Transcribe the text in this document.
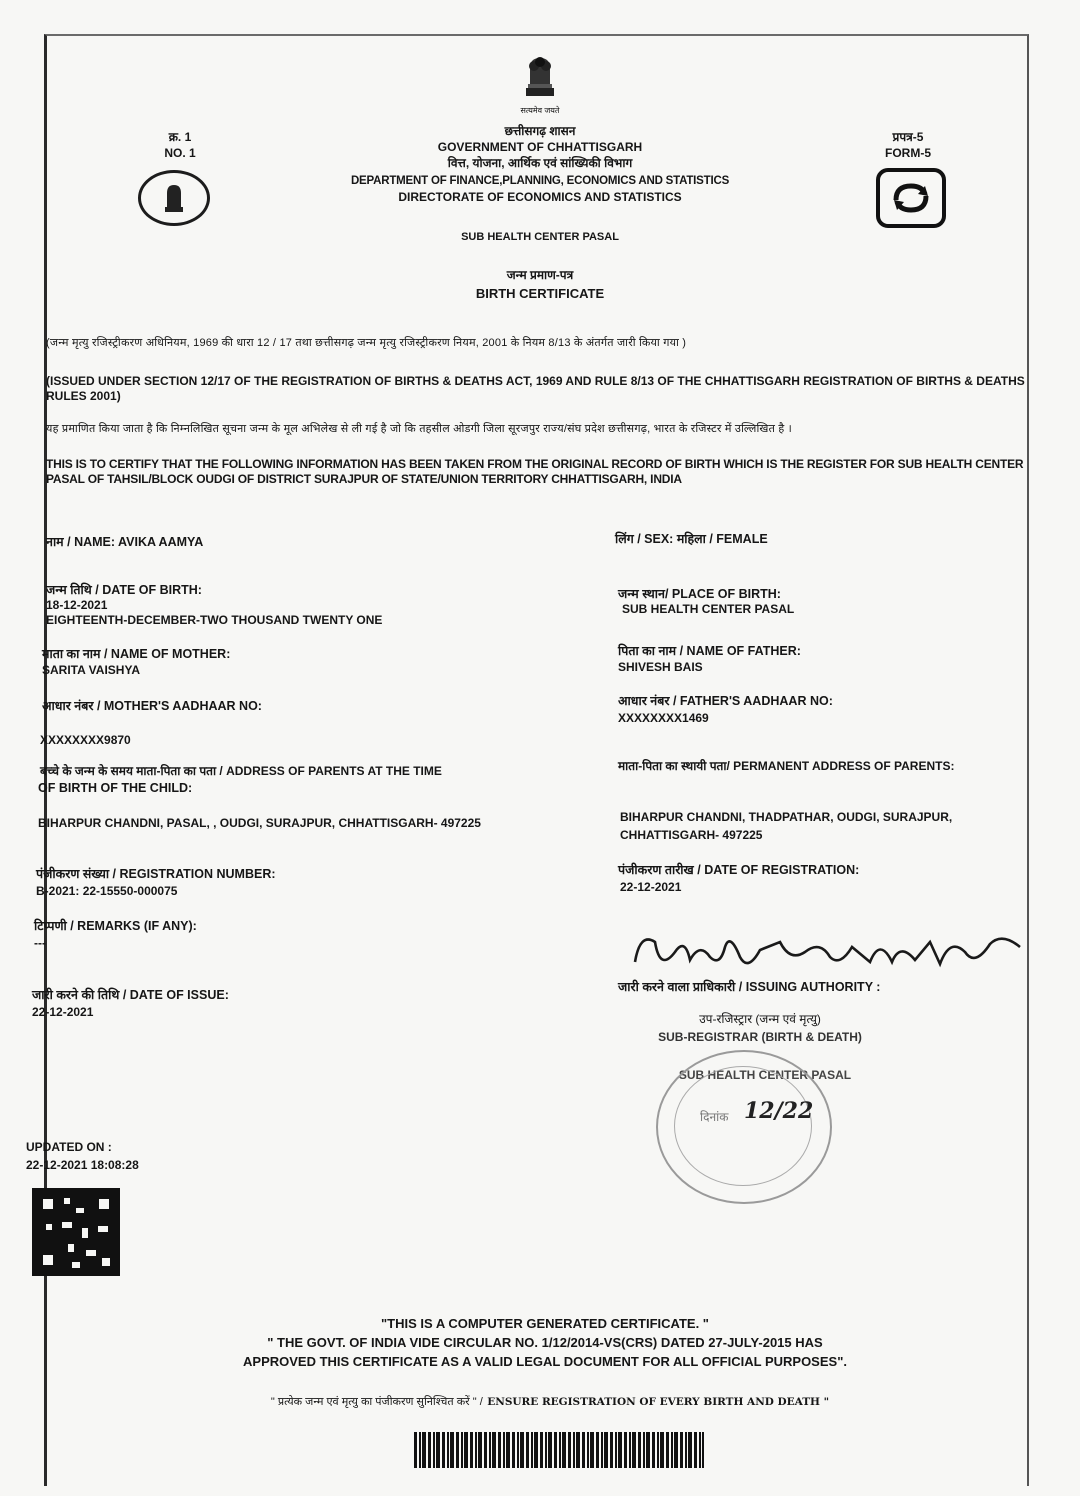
सत्यमेव जयते
क्र. 1
NO. 1
प्रपत्र-5
FORM-5
छत्तीसगढ़ शासन
GOVERNMENT OF CHHATTISGARH
वित्त, योजना, आर्थिक एवं सांख्यिकी विभाग
DEPARTMENT OF FINANCE,PLANNING, ECONOMICS AND STATISTICS
DIRECTORATE OF ECONOMICS AND STATISTICS
SUB HEALTH CENTER PASAL
जन्म प्रमाण-पत्र
BIRTH CERTIFICATE
(जन्म मृत्यु रजिस्ट्रीकरण अधिनियम, 1969 की धारा 12 / 17 तथा छत्तीसगढ़ जन्म मृत्यु रजिस्ट्रीकरण नियम, 2001 के नियम 8/13 के अंतर्गत जारी किया गया )
(ISSUED UNDER SECTION 12/17 OF THE REGISTRATION OF BIRTHS & DEATHS ACT, 1969 AND RULE 8/13 OF THE CHHATTISGARH REGISTRATION OF BIRTHS & DEATHS RULES 2001)
यह प्रमाणित किया जाता है कि निम्नलिखित सूचना जन्म के मूल अभिलेख से ली गई है जो कि तहसील ओडगी जिला सूरजपुर राज्य/संघ प्रदेश छत्तीसगढ़, भारत के रजिस्टर में उल्लिखित है ।
THIS IS TO CERTIFY THAT THE FOLLOWING INFORMATION HAS BEEN TAKEN FROM THE ORIGINAL RECORD OF BIRTH WHICH IS THE REGISTER FOR SUB HEALTH CENTER PASAL OF TAHSIL/BLOCK OUDGI OF DISTRICT SURAJPUR OF STATE/UNION TERRITORY CHHATTISGARH, INDIA
नाम / NAME: AVIKA AAMYA
जन्म तिथि / DATE OF BIRTH:
18-12-2021
EIGHTEENTH-DECEMBER-TWO THOUSAND TWENTY ONE
माता का नाम / NAME OF MOTHER:
SARITA VAISHYA
आधार नंबर / MOTHER'S AADHAAR NO:
XXXXXXXX9870
बच्चे के जन्म के समय माता-पिता का पता / ADDRESS OF PARENTS AT THE TIME
OF BIRTH OF THE CHILD:
BIHARPUR CHANDNI, PASAL, , OUDGI, SURAJPUR, CHHATTISGARH- 497225
पंजीकरण संख्या / REGISTRATION NUMBER:
B-2021: 22-15550-000075
टिप्पणी / REMARKS (IF ANY):
---
जारी करने की तिथि / DATE OF ISSUE:
22-12-2021
लिंग / SEX: महिला / FEMALE
जन्म स्थान/ PLACE OF BIRTH:
SUB HEALTH CENTER PASAL
पिता का नाम / NAME OF FATHER:
SHIVESH BAIS
आधार नंबर / FATHER'S AADHAAR NO:
XXXXXXXX1469
माता-पिता का स्थायी पता/ PERMANENT ADDRESS OF PARENTS:
BIHARPUR CHANDNI, THADPATHAR, OUDGI, SURAJPUR,
CHHATTISGARH- 497225
पंजीकरण तारीख / DATE OF REGISTRATION:
22-12-2021
जारी करने वाला प्राधिकारी / ISSUING AUTHORITY :
उप-रजिस्ट्रार (जन्म एवं मृत्यु)
SUB-REGISTRAR (BIRTH & DEATH)
SUB HEALTH CENTER PASAL
दिनांक 12/22
UPDATED ON :
22-12-2021 18:08:28
"THIS IS A COMPUTER GENERATED CERTIFICATE. "
" THE GOVT. OF INDIA VIDE CIRCULAR NO. 1/12/2014-VS(CRS) DATED 27-JULY-2015 HAS
APPROVED THIS CERTIFICATE AS A VALID LEGAL DOCUMENT FOR ALL OFFICIAL PURPOSES".
" प्रत्येक जन्म एवं मृत्यु का पंजीकरण सुनिश्चित करें " / ENSURE REGISTRATION OF EVERY BIRTH AND DEATH "
